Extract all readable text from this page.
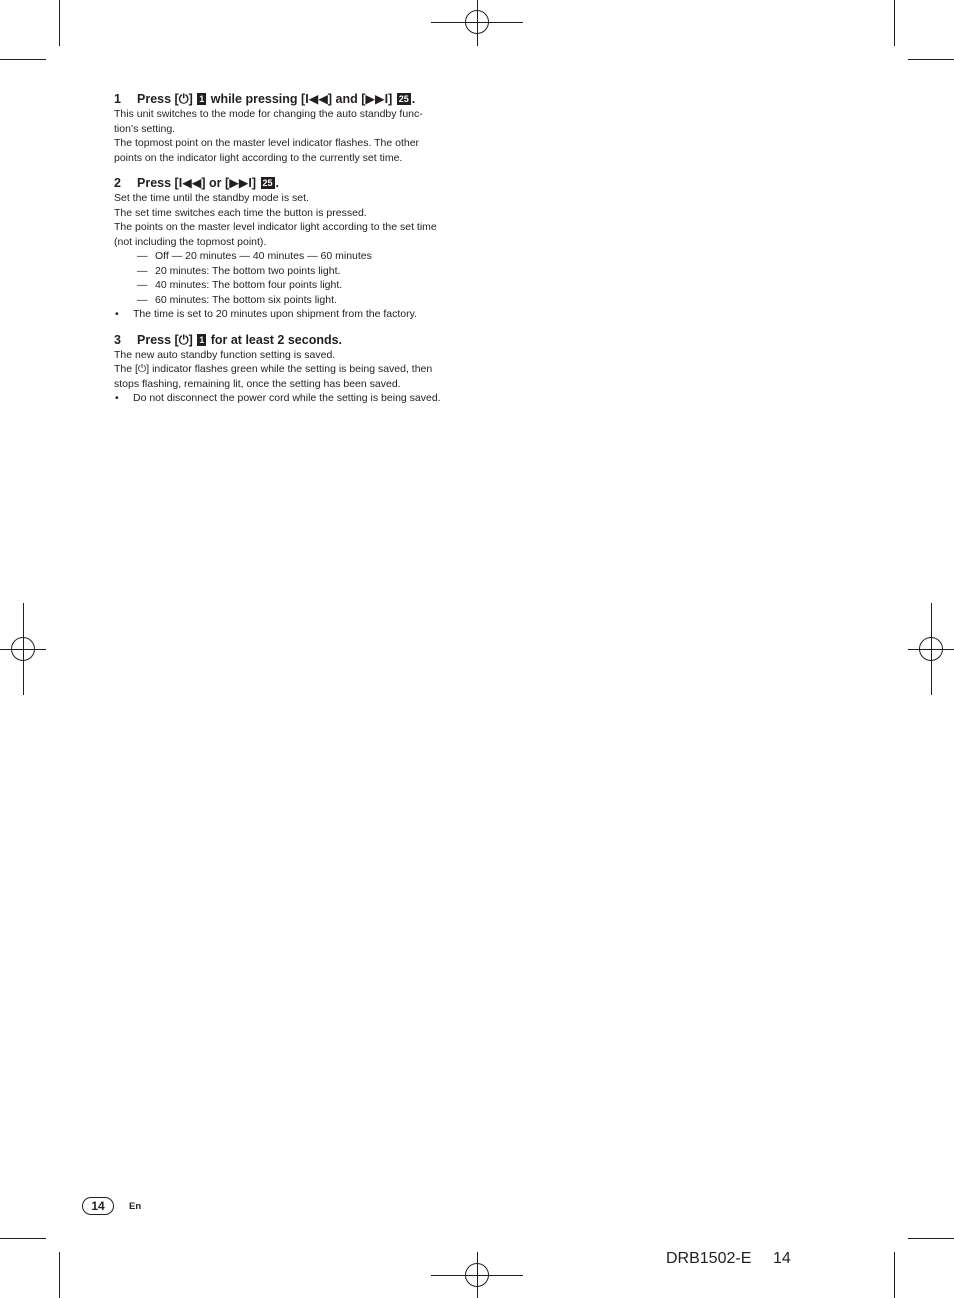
1	Press [ ⏻ ] 1 while pressing [ I◀◀ ] and [ ▶▶I ] 25 .

This unit switches to the mode for changing the auto standby func-

tion’s setting.

The topmost point on the master level indicator flashes. The other

points on the indicator light according to the currently set time.

2	Press [ I◀◀ ] or [ ▶▶I ] 25 .

Set the time until the standby mode is set.

The set time switches each time the button is pressed.

The points on the master level indicator light according to the set time

(not including the topmost point).

— Off — 20 minutes — 40 minutes — 60 minutes
— 20 minutes: The bottom two points light.
— 40 minutes: The bottom four points light.
— 60 minutes: The bottom six points light.

• The time is set to 20 minutes upon shipment from the factory.

3	Press [ ⏻ ] 1 for at least 2 seconds.

The new auto standby function setting is saved.

The [⏻] indicator flashes green while the setting is being saved, then

stops flashing, remaining lit, once the setting has been saved.

• Do not disconnect the power cord while the setting is being saved.

14	En
DRB1502-E 14
